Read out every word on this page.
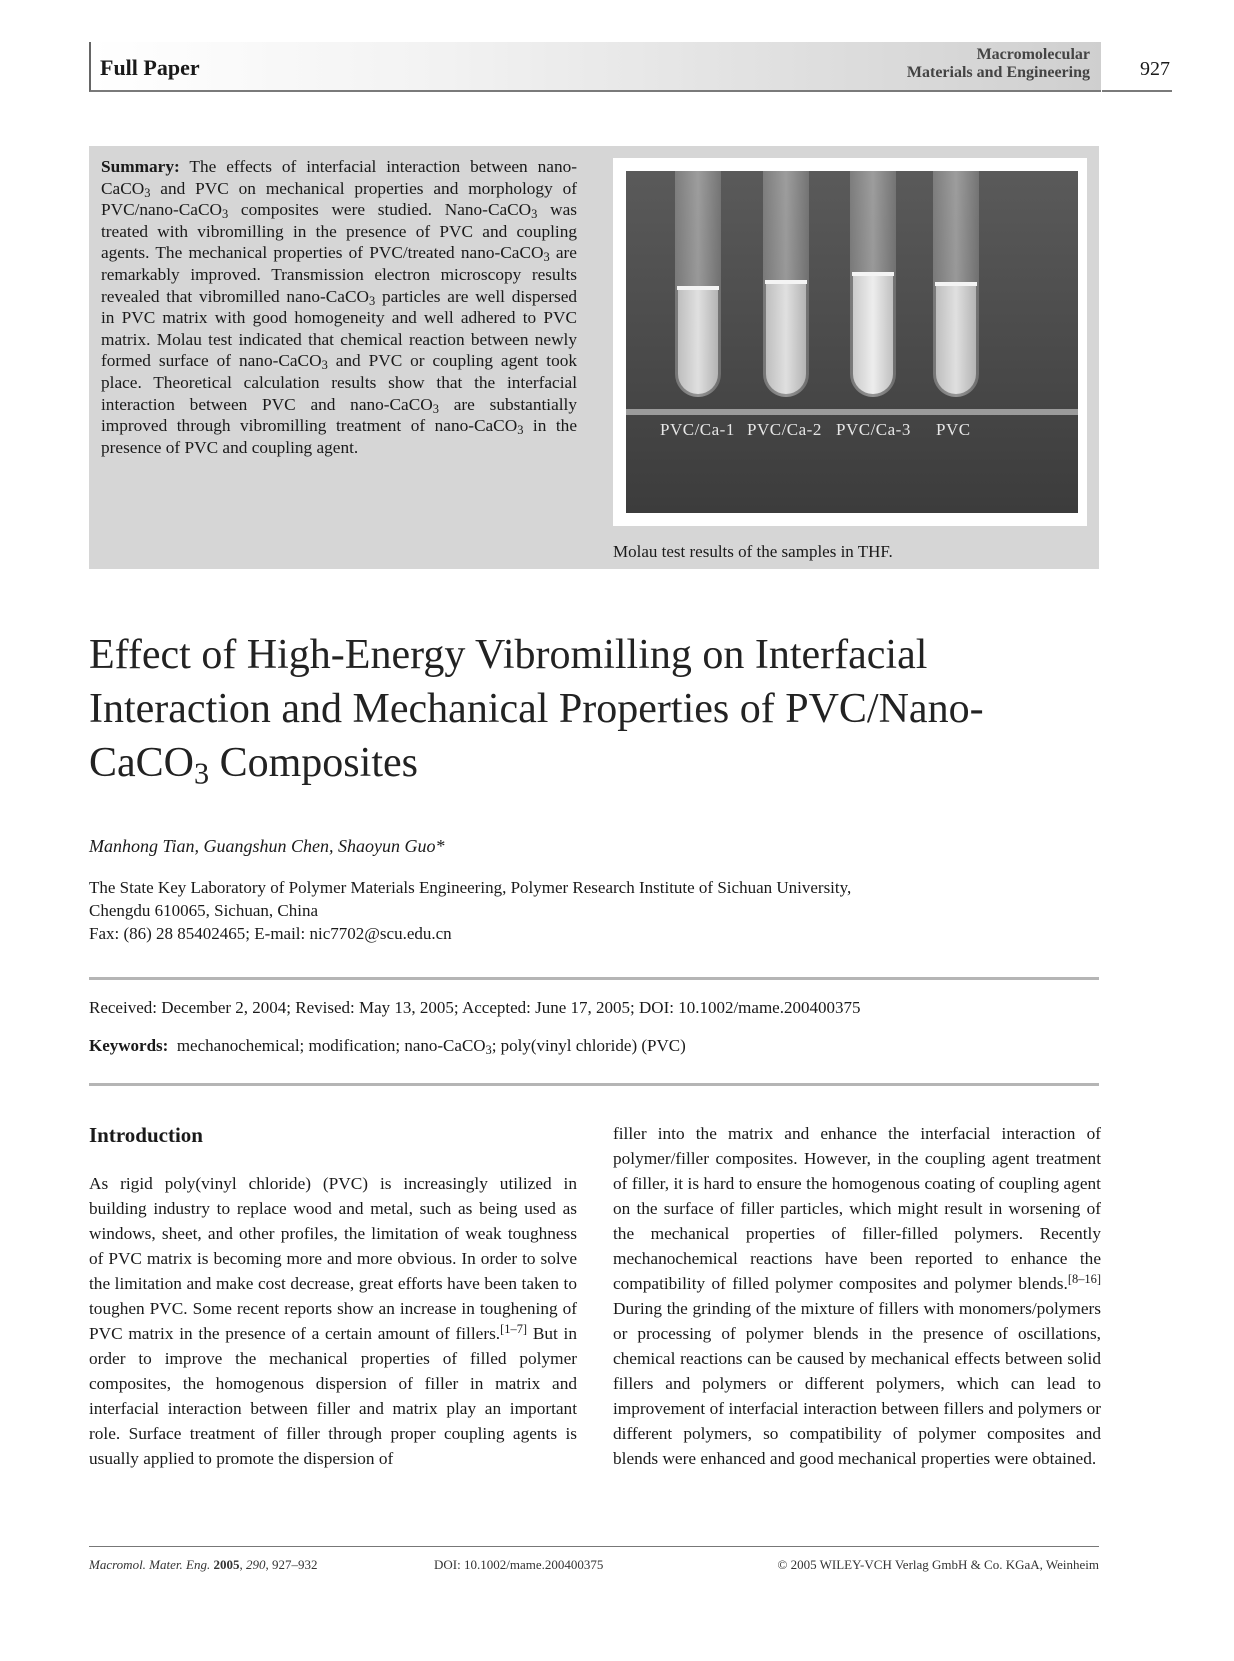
Full Paper
Macromolecular
Materials and Engineering	927
Summary: The effects of interfacial interaction between nano-CaCO$_3$ and PVC on mechanical properties and morphology of PVC/nano-CaCO$_3$ composites were studied. Nano-CaCO$_3$ was treated with vibromilling in the presence of PVC and coupling agents. The mechanical properties of PVC/treated nano-CaCO$_3$ are remarkably improved. Transmission electron microscopy results revealed that vibromilled nano-CaCO$_3$ particles are well dispersed in PVC matrix with good homogeneity and well adhered to PVC matrix. Molau test indicated that chemical reaction between newly formed surface of nano-CaCO$_3$ and PVC or coupling agent took place. Theoretical calculation results show that the interfacial interaction between PVC and nano-CaCO$_3$ are substantially improved through vibromilling treatment of nano-CaCO$_3$ in the presence of PVC and coupling agent.
PVC/Ca-1 PVC/Ca-2 PVC/Ca-3 PVC
Molau test results of the samples in THF.
Effect of High-Energy Vibromilling on Interfacial Interaction and Mechanical Properties of PVC/Nano-CaCO$_3$ Composites
Manhong Tian, Guangshun Chen, Shaoyun Guo*
The State Key Laboratory of Polymer Materials Engineering, Polymer Research Institute of Sichuan University,
Chengdu 610065, Sichuan, China
Fax: (86) 28 85402465; E-mail: nic7702@scu.edu.cn
Received: December 2, 2004; Revised: May 13, 2005; Accepted: June 17, 2005; DOI: 10.1002/mame.200400375
Keywords: mechanochemical; modification; nano-CaCO$_3$; poly(vinyl chloride) (PVC)
Introduction
As rigid poly(vinyl chloride) (PVC) is increasingly utilized in building industry to replace wood and metal, such as being used as windows, sheet, and other profiles, the limitation of weak toughness of PVC matrix is becoming more and more obvious. In order to solve the limitation and make cost decrease, great efforts have been taken to toughen PVC. Some recent reports show an increase in toughening of PVC matrix in the presence of a certain amount of fillers.[1–7] But in order to improve the mechanical properties of filled polymer composites, the homogenous dispersion of filler in matrix and interfacial interaction between filler and matrix play an important role. Surface treatment of filler through proper coupling agents is usually applied to promote the dispersion of
filler into the matrix and enhance the interfacial interaction of polymer/filler composites. However, in the coupling agent treatment of filler, it is hard to ensure the homogenous coating of coupling agent on the surface of filler particles, which might result in worsening of the mechanical properties of filler-filled polymers. Recently mechanochemical reactions have been reported to enhance the compatibility of filled polymer composites and polymer blends.[8–16] During the grinding of the mixture of fillers with monomers/polymers or processing of polymer blends in the presence of oscillations, chemical reactions can be caused by mechanical effects between solid fillers and polymers or different polymers, which can lead to improvement of interfacial interaction between fillers and polymers or different polymers, so compatibility of polymer composites and blends were enhanced and good mechanical properties were obtained.
Macromol. Mater. Eng. 2005, 290, 927–932	DOI: 10.1002/mame.200400375	© 2005 WILEY-VCH Verlag GmbH & Co. KGaA, Weinheim
